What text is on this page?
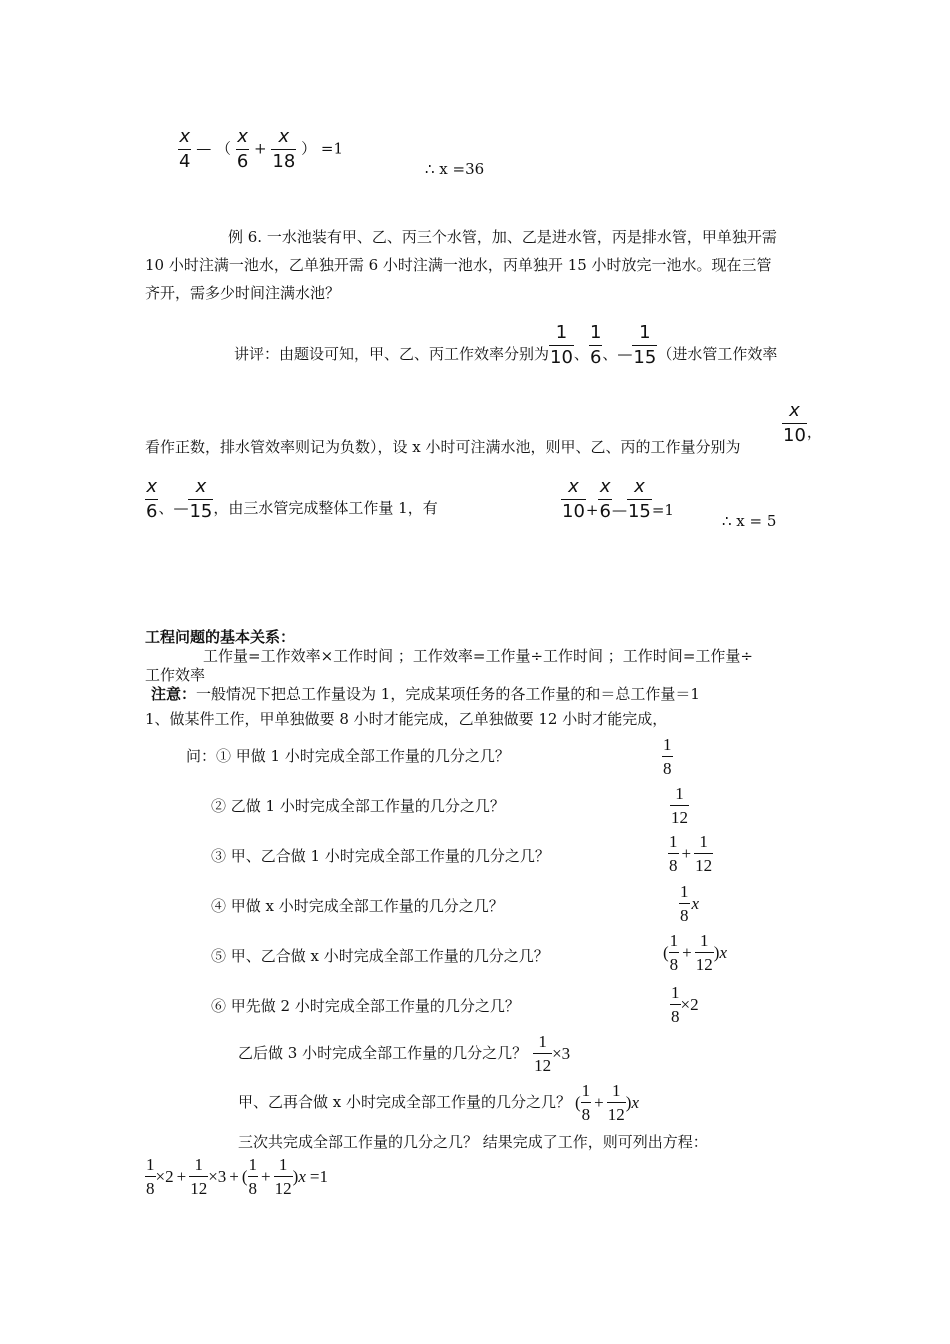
$\frac{x}{4}$ — （ $\frac{x}{6} + \frac{x}{18}$ ） =1
∴ x =36
例 6. 一水池装有甲、乙、丙三个水管，加、乙是进水管，丙是排水管，甲单独开需
10 小时注满一池水，乙单独开需 6 小时注满一池水，丙单独开 15 小时放完一池水。现在三管
齐开，需多少时间注满水池？
讲评：由题设可知，甲、乙、丙工作效率分别为 $\frac{1}{10}$ 、 $\frac{1}{6}$ 、 — $\frac{1}{15}$ （进水管工作效率
看作正数，排水管效率则记为负数），设 x 小时可注满水池，则甲、乙、丙的工作量分别为
$\frac{x}{10}$ ，
$\frac{x}{6}$ 、 — $\frac{x}{15}$ ，由三水管完成整体工作量 1，有	$\frac{x}{10} + \frac{x}{6}$ — $\frac{x}{15} =1$
∴ x = 5
工程问题的基本关系：
工作量=工作效率×工作时间 ；工作效率=工作量÷工作时间 ；工作时间=工作量÷
工作效率
注意：一般情况下把总工作量设为 1，完成某项任务的各工作量的和＝总工作量＝1
1、做某件工作，甲单独做要 8 小时才能完成，乙单独做要 12 小时才能完成，
问：① 甲做 1 小时完成全部工作量的几分之几？	$\frac{1}{8}$
② 乙做 1 小时完成全部工作量的几分之几？	$\frac{1}{12}$
③ 甲、乙合做 1 小时完成全部工作量的几分之几？	$\frac{1}{8} + \frac{1}{12}$
④ 甲做 x 小时完成全部工作量的几分之几？	$\frac{1}{8}$ x
⑤ 甲、乙合做 x 小时完成全部工作量的几分之几？	( $\frac{1}{8} + \frac{1}{12}$ ) x
⑥ 甲先做 2 小时完成全部工作量的几分之几？	$\frac{1}{8} \times 2$
乙后做 3 小时完成全部工作量的几分之几？ $\frac{1}{12} \times 3$
甲、乙再合做 x 小时完成全部工作量的几分之几？ ( $\frac{1}{8} + \frac{1}{12}$ ) x
三次共完成全部工作量的几分之几？ 结果完成了工作，则可列出方程：
$\frac{1}{8} \times 2 + \frac{1}{12} \times 3$ + ( $\frac{1}{8} + \frac{1}{12}$ ) x =1
